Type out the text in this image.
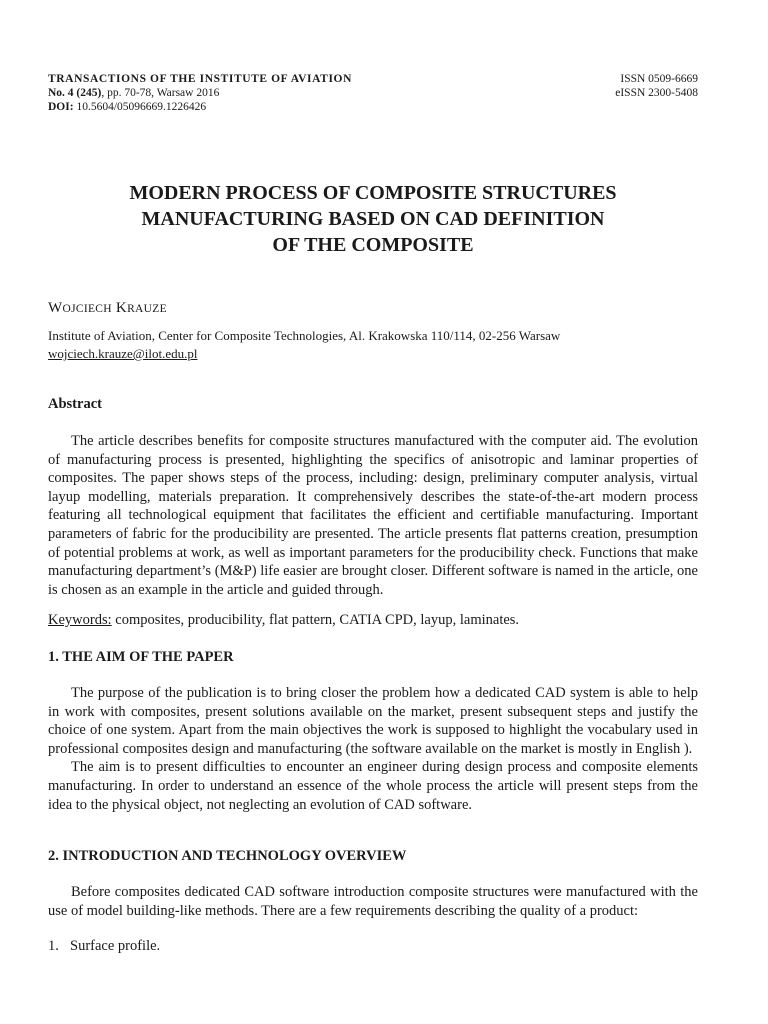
TRANSACTIONS OF THE INSTITUTE OF AVIATION	ISSN 0509-6669
No. 4 (245), pp. 70-78, Warsaw 2016	eISSN 2300-5408
DOI: 10.5604/05096669.1226426
MODERN PROCESS OF COMPOSITE STRUCTURES
MANUFACTURING BASED ON CAD DEFINITION
OF THE COMPOSITE
WOJCIECH KRAUZE
Institute of Aviation, Center for Composite Technologies, Al. Krakowska 110/114, 02-256 Warsaw
wojciech.krauze@ilot.edu.pl
Abstract

The article describes benefits for composite structures manufactured with the computer aid. The evolution of manufacturing process is presented, highlighting the specifics of anisotropic and laminar properties of composites. The paper shows steps of the process, including: design, preliminary computer analysis, virtual layup modelling, materials preparation. It comprehensively describes the state-of-the-art modern process featuring all technological equipment that facilitates the efficient and certifiable manufacturing. Important parameters of fabric for the producibility are presented. The article presents flat patterns creation, presumption of potential problems at work, as well as important parameters for the producibility check. Functions that make manufacturing department’s (M&P) life easier are brought closer. Different software is named in the article, one is chosen as an example in the article and guided through.

Keywords: composites, producibility, flat pattern, CATIA CPD, layup, laminates.
1. THE AIM OF THE PAPER

The purpose of the publication is to bring closer the problem how a dedicated CAD system is able to help in work with composites, present solutions available on the market, present subsequent steps and justify the choice of one system. Apart from the main objectives the work is supposed to highlight the vocabulary used in professional composites design and manufacturing (the software available on the market is mostly in English ).

The aim is to present difficulties to encounter an engineer during design process and composite elements manufacturing. In order to understand an essence of the whole process the article will present steps from the idea to the physical object, not neglecting an evolution of CAD software.

2. INTRODUCTION AND TECHNOLOGY OVERVIEW

Before composites dedicated CAD software introduction composite structures were manufactured with the use of model building-like methods. There are a few requirements describing the quality of a product:

1. Surface profile.
